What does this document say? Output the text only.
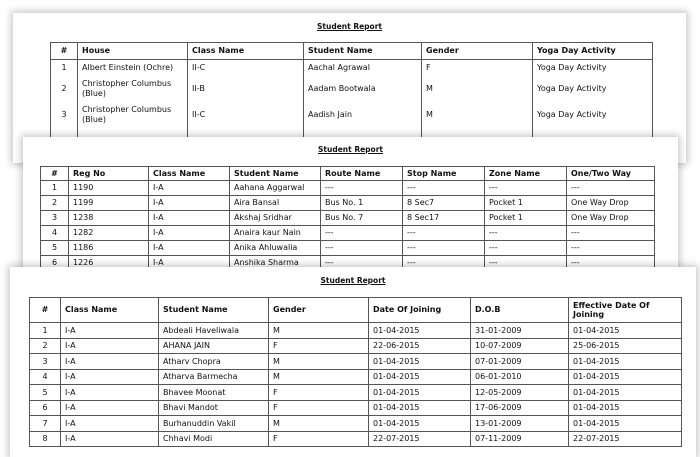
Student Report
#	House	Class Name	Student Name	Gender	Yoga Day Activity
1	Albert Einstein (Ochre)	II-C	Aachal Agrawal	F	Yoga Day Activity
2	Christopher Columbus (Blue)	II-B	Aadam Bootwala	M	Yoga Day Activity
3	Christopher Columbus (Blue)	II-C	Aadish Jain	M	Yoga Day Activity

Student Report
#	Reg No	Class Name	Student Name	Route Name	Stop Name	Zone Name	One/Two Way
1	1190	I-A	Aahana Aggarwal	---	---	---	---
2	1199	I-A	Aira Bansal	Bus No. 1	8 Sec7	Pocket 1	One Way Drop
3	1238	I-A	Akshaj Sridhar	Bus No. 7	8 Sec17	Pocket 1	One Way Drop
4	1282	I-A	Anaira kaur Nain	---	---	---	---
5	1186	I-A	Anika Ahluwalia	---	---	---	---
6	1226	I-A	Anshika Sharma	---	---	---	---
Student Report
#	Class Name	Student Name	Gender	Date Of Joining	D.O.B	Effective Date Of Joining
1	I-A	Abdeali Haveliwala	M	01-04-2015	31-01-2009	01-04-2015
2	I-A	AHANA JAIN	F	22-06-2015	10-07-2009	25-06-2015
3	I-A	Atharv Chopra	M	01-04-2015	07-01-2009	01-04-2015
4	I-A	Atharva Barmecha	M	01-04-2015	06-01-2010	01-04-2015
5	I-A	Bhavee Moonat	F	01-04-2015	12-05-2009	01-04-2015
6	I-A	Bhavi Mandot	F	01-04-2015	17-06-2009	01-04-2015
7	I-A	Burhanuddin Vakil	M	01-04-2015	13-01-2009	01-04-2015
8	I-A	Chhavi Modi	F	22-07-2015	07-11-2009	22-07-2015
